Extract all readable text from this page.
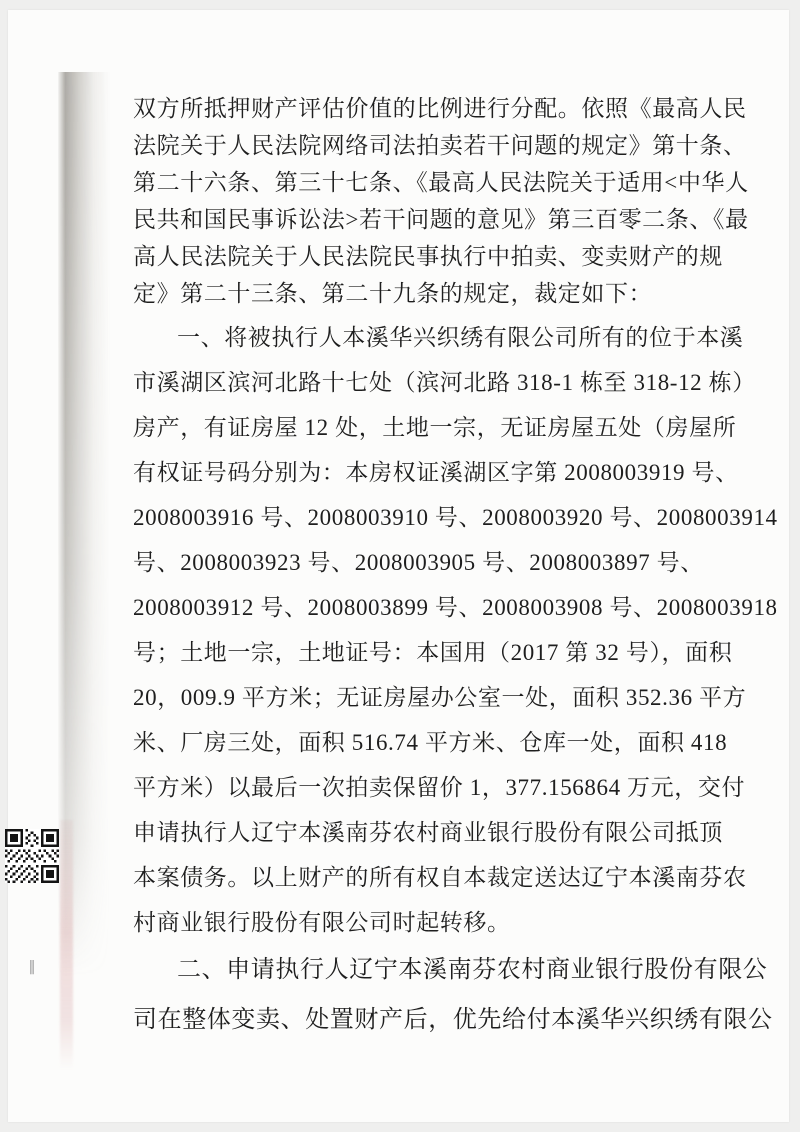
双方所抵押财产评估价值的比例进行分配。依照《最高人民
法院关于人民法院网络司法拍卖若干问题的规定》第十条、
第二十六条、第三十七条、《最高人民法院关于适用<中华人
民共和国民事诉讼法>若干问题的意见》第三百零二条、《最
高人民法院关于人民法院民事执行中拍卖、变卖财产的规
定》第二十三条、第二十九条的规定，裁定如下：
一、将被执行人本溪华兴织绣有限公司所有的位于本溪
市溪湖区滨河北路十七处（滨河北路 318-1 栋至 318-12 栋）
房产，有证房屋 12 处，土地一宗，无证房屋五处（房屋所
有权证号码分别为：本房权证溪湖区字第 2008003919 号、
2008003916 号、2008003910 号、2008003920 号、2008003914
号、2008003923 号、2008003905 号、2008003897 号、
2008003912 号、2008003899 号、2008003908 号、2008003918
号；土地一宗，土地证号：本国用（2017 第 32 号），面积
20，009.9 平方米；无证房屋办公室一处，面积 352.36 平方
米、厂房三处，面积 516.74 平方米、仓库一处，面积 418
平方米）以最后一次拍卖保留价 1，377.156864 万元，交付
申请执行人辽宁本溪南芬农村商业银行股份有限公司抵顶
本案债务。以上财产的所有权自本裁定送达辽宁本溪南芬农
村商业银行股份有限公司时起转移。
二、申请执行人辽宁本溪南芬农村商业银行股份有限公
司在整体变卖、处置财产后，优先给付本溪华兴织绣有限公
‖
